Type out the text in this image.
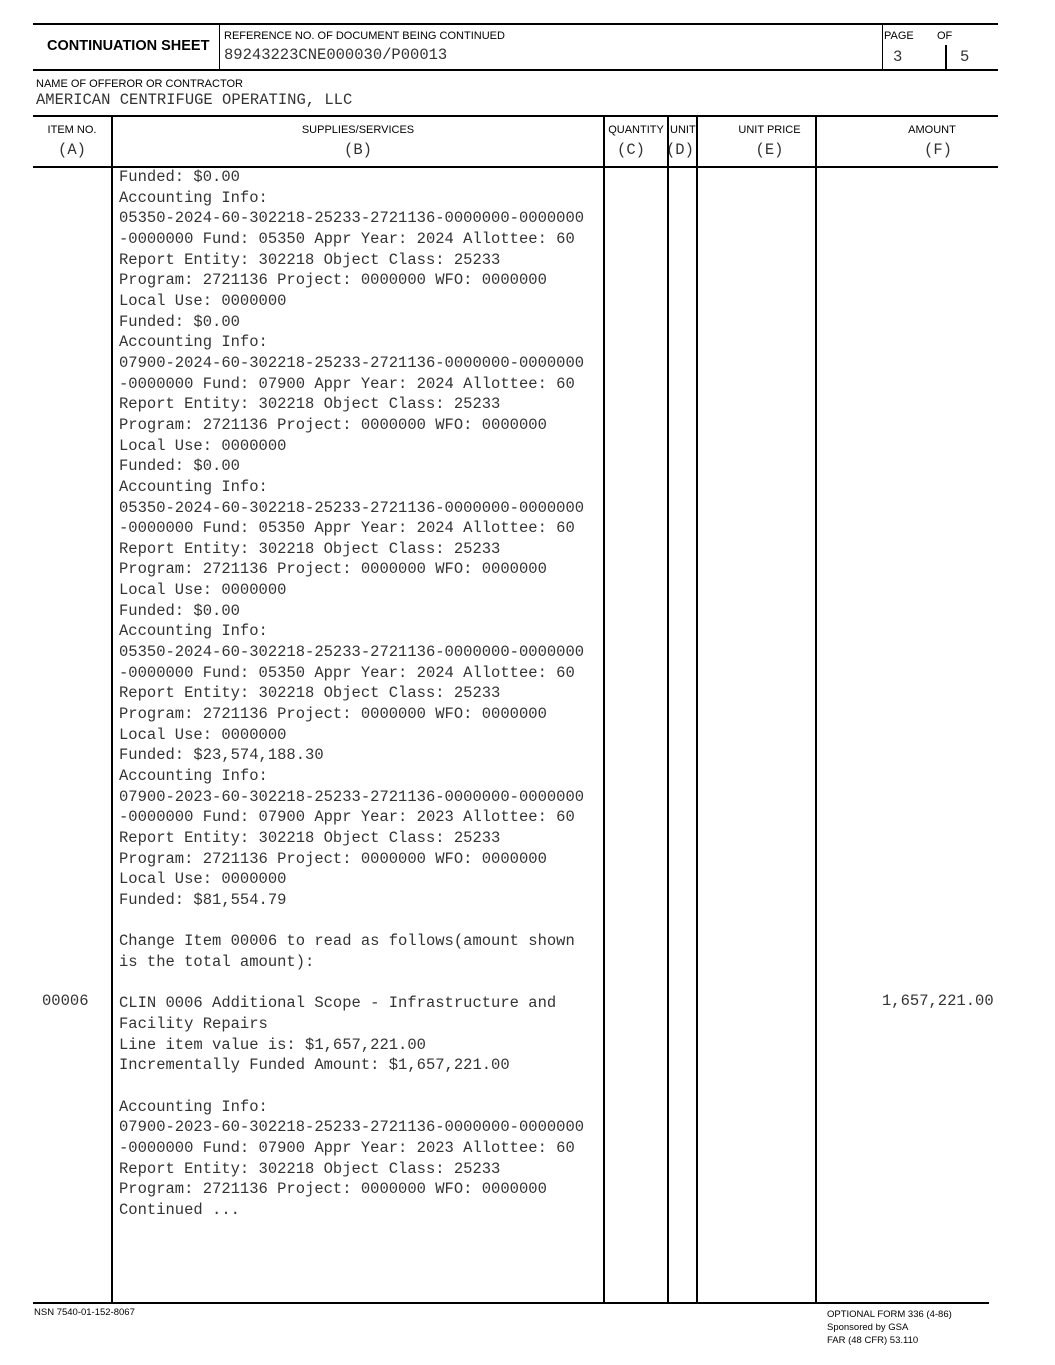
CONTINUATION SHEET
REFERENCE NO. OF DOCUMENT BEING CONTINUED
89243223CNE000030/P00013
PAGE OF
3	5
NAME OF OFFEROR OR CONTRACTOR
AMERICAN CENTRIFUGE OPERATING, LLC
ITEM NO.
(A)
SUPPLIES/SERVICES
(B)
QUANTITY
(C)
UNIT
(D)
UNIT PRICE
(E)
AMOUNT
(F)
Funded: $0.00
Accounting Info:
05350-2024-60-302218-25233-2721136-0000000-0000000
-0000000 Fund: 05350 Appr Year: 2024 Allottee: 60
Report Entity: 302218 Object Class: 25233
Program: 2721136 Project: 0000000 WFO: 0000000
Local Use: 0000000
Funded: $0.00
Accounting Info:
07900-2024-60-302218-25233-2721136-0000000-0000000
-0000000 Fund: 07900 Appr Year: 2024 Allottee: 60
Report Entity: 302218 Object Class: 25233
Program: 2721136 Project: 0000000 WFO: 0000000
Local Use: 0000000
Funded: $0.00
Accounting Info:
05350-2024-60-302218-25233-2721136-0000000-0000000
-0000000 Fund: 05350 Appr Year: 2024 Allottee: 60
Report Entity: 302218 Object Class: 25233
Program: 2721136 Project: 0000000 WFO: 0000000
Local Use: 0000000
Funded: $0.00
Accounting Info:
05350-2024-60-302218-25233-2721136-0000000-0000000
-0000000 Fund: 05350 Appr Year: 2024 Allottee: 60
Report Entity: 302218 Object Class: 25233
Program: 2721136 Project: 0000000 WFO: 0000000
Local Use: 0000000
Funded: $23,574,188.30
Accounting Info:
07900-2023-60-302218-25233-2721136-0000000-0000000
-0000000 Fund: 07900 Appr Year: 2023 Allottee: 60
Report Entity: 302218 Object Class: 25233
Program: 2721136 Project: 0000000 WFO: 0000000
Local Use: 0000000
Funded: $81,554.79
Change Item 00006 to read as follows(amount shown
is the total amount):
CLIN 0006 Additional Scope - Infrastructure and
Facility Repairs
Line item value is: $1,657,221.00
Incrementally Funded Amount: $1,657,221.00
Accounting Info:
07900-2023-60-302218-25233-2721136-0000000-0000000
-0000000 Fund: 07900 Appr Year: 2023 Allottee: 60
Report Entity: 302218 Object Class: 25233
Program: 2721136 Project: 0000000 WFO: 0000000
Continued ...
00006	1,657,221.00
NSN 7540-01-152-8067	OPTIONAL FORM 336 (4-86)
Sponsored by GSA
FAR (48 CFR) 53.110
